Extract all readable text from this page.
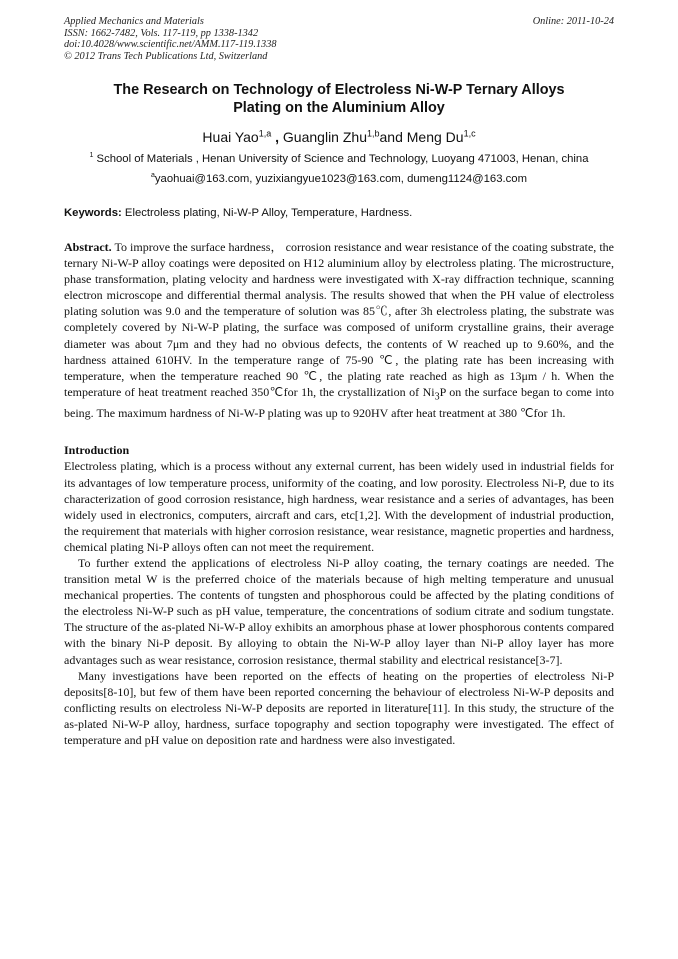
Applied Mechanics and Materials
ISSN: 1662-7482, Vols. 117-119, pp 1338-1342
doi:10.4028/www.scientific.net/AMM.117-119.1338
© 2012 Trans Tech Publications Ltd, Switzerland
Online: 2011-10-24
The Research on Technology of Electroless Ni-W-P Ternary Alloys
Plating on the Aluminium Alloy
Huai Yao$^{1,a}$ , Guanglin Zhu$^{1,b}$and Meng Du$^{1,c}$
$^1$ School of Materials , Henan University of Science and Technology, Luoyang 471003, Henan, china
$^a$yaohuai@163.com, yuzixiangyue1023@163.com, dumeng1124@163.com
Keywords: Electroless plating, Ni-W-P Alloy, Temperature, Hardness.
Abstract. To improve the surface hardness， corrosion resistance and wear resistance of the coating substrate, the ternary Ni-W-P alloy coatings were deposited on H12 aluminium alloy by electroless plating. The microstructure, phase transformation, plating velocity and hardness were investigated with X-ray diffraction technique, scanning electron microscope and differential thermal analysis. The results showed that when the PH value of electroless plating solution was 9.0 and the temperature of solution was 85℃, after 3h electroless plating, the substrate was completely covered by Ni-W-P plating, the surface was composed of uniform crystalline grains, their average diameter was about 7μm and they had no obvious defects, the contents of W reached up to 9.60%, and the hardness attained 610HV. In the temperature range of 75-90 ℃, the plating rate has been increasing with temperature, when the temperature reached 90 ℃, the plating rate reached as high as 13μm / h. When the temperature of heat treatment reached 350℃for 1h, the crystallization of $Ni_3P$ on the surface began to come into being. The maximum hardness of Ni-W-P plating was up to 920HV after heat treatment at 380 ℃for 1h.
Introduction

Electroless plating, which is a process without any external current, has been widely used in industrial fields for its advantages of low temperature process, uniformity of the coating, and low porosity. Electroless Ni-P, due to its characterization of good corrosion resistance, high hardness, wear resistance and a series of advantages, has been widely used in electronics, computers, aircraft and cars, etc[1,2]. With the development of industrial production, the requirement that materials with higher corrosion resistance, wear resistance, magnetic properties and hardness, chemical plating Ni-P alloys often can not meet the requirement.

To further extend the applications of electroless Ni-P alloy coating, the ternary coatings are needed. The transition metal W is the preferred choice of the materials because of high melting temperature and unusual mechanical properties. The contents of tungsten and phosphorous could be affected by the plating conditions of the electroless Ni-W-P such as pH value, temperature, the concentrations of sodium citrate and sodium tungstate. The structure of the as-plated Ni-W-P alloy exhibits an amorphous phase at lower phosphorous contents compared with the binary Ni-P deposit. By alloying to obtain the Ni-W-P alloy layer than Ni-P alloy layer has more advantages such as wear resistance, corrosion resistance, thermal stability and electrical resistance[3-7].

Many investigations have been reported on the effects of heating on the properties of electroless Ni-P deposits[8-10], but few of them have been reported concerning the behaviour of electroless Ni-W-P deposits and conflicting results on electroless Ni-W-P deposits are reported in literature[11]. In this study, the structure of the as-plated Ni-W-P alloy, hardness, surface topography and section topography were investigated. The effect of temperature and pH value on deposition rate and hardness were also investigated.
